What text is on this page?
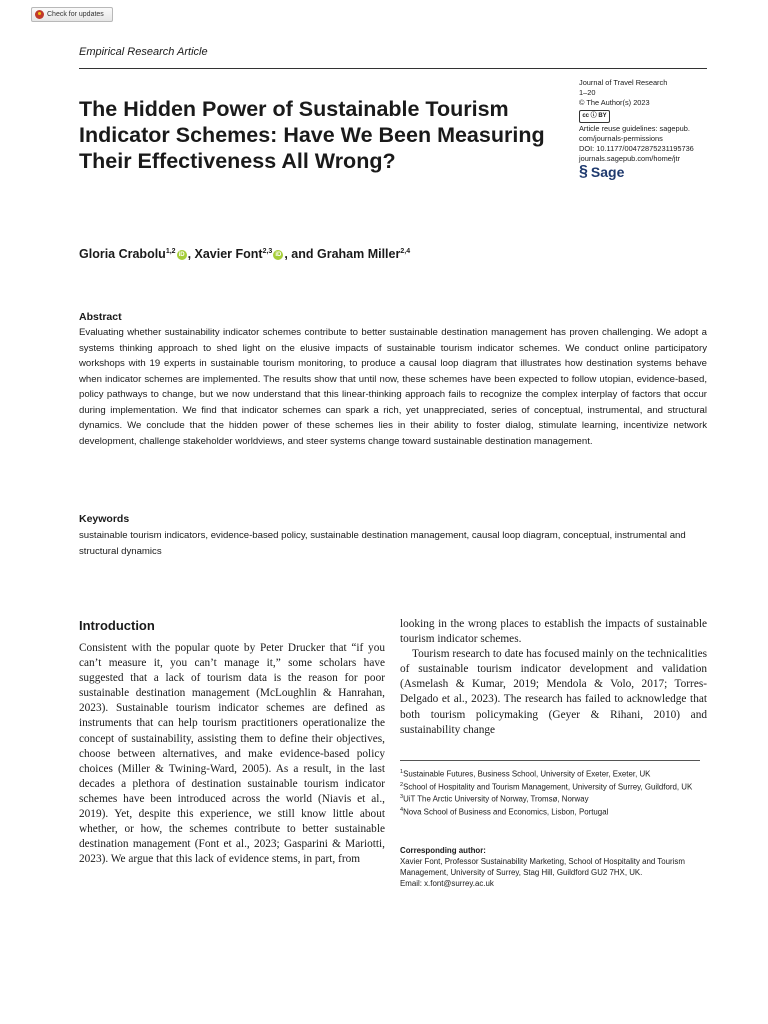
Check for updates
Empirical Research Article
The Hidden Power of Sustainable Tourism Indicator Schemes: Have We Been Measuring Their Effectiveness All Wrong?
Journal of Travel Research
1–20
© The Author(s) 2023
cc ⓘ BY
Article reuse guidelines: sagepub.
com/journals-permissions
DOI: 10.1177/00472875231195736
journals.sagepub.com/home/jtr
§ Sage
Gloria Crabolu$^{1,2}$ iD , Xavier Font$^{2,3}$ iD , and Graham Miller$^{2,4}$
Abstract
Evaluating whether sustainability indicator schemes contribute to better sustainable destination management has proven challenging. We adopt a systems thinking approach to shed light on the elusive impacts of sustainable tourism indicator schemes. We conduct online participatory workshops with 19 experts in sustainable tourism monitoring, to produce a causal loop diagram that illustrates how destination systems behave when indicator schemes are implemented. The results show that until now, these schemes have been expected to follow utopian, evidence-based, policy pathways to change, but we now understand that this linear-thinking approach fails to recognize the complex interplay of factors that occur during implementation. We find that indicator schemes can spark a rich, yet unappreciated, series of conceptual, instrumental, and structural dynamics. We conclude that the hidden power of these schemes lies in their ability to foster dialog, stimulate learning, incentivize network development, challenge stakeholder worldviews, and steer systems change toward sustainable destination management.
Keywords
sustainable tourism indicators, evidence-based policy, sustainable destination management, causal loop diagram, conceptual, instrumental and structural dynamics
Introduction

Consistent with the popular quote by Peter Drucker that “if you can’t measure it, you can’t manage it,” some scholars have suggested that a lack of tourism data is the reason for poor sustainable destination management (McLoughlin & Hanrahan, 2023). Sustainable tourism indicator schemes are defined as instruments that can help tourism practitioners operationalize the concept of sustainability, assisting them to define their objectives, choose between alternatives, and make evidence-based policy choices (Miller & Twining-Ward, 2005). As a result, in the last decades a plethora of destination sustainable tourism indicator schemes have been introduced across the world (Niavis et al., 2019). Yet, despite this experience, we still know little about whether, or how, the schemes contribute to better sustainable destination management (Font et al., 2023; Gasparini & Mariotti, 2023). We argue that this lack of evidence stems, in part, from

looking in the wrong places to establish the impacts of sustainable tourism indicator schemes.

Tourism research to date has focused mainly on the technicalities of sustainable tourism indicator development and validation (Asmelash & Kumar, 2019; Mendola & Volo, 2017; Torres-Delgado et al., 2023). The research has failed to acknowledge that both tourism policymaking (Geyer & Rihani, 2010) and sustainability change

$^1$Sustainable Futures, Business School, University of Exeter, Exeter, UK
$^2$School of Hospitality and Tourism Management, University of Surrey, Guildford, UK
$^3$UiT The Arctic University of Norway, Tromsø, Norway
$^4$Nova School of Business and Economics, Lisbon, Portugal
Corresponding author:
Xavier Font, Professor Sustainability Marketing, School of Hospitality and Tourism Management, University of Surrey, Stag Hill, Guildford GU2 7HX, UK.
Email: x.font@surrey.ac.uk
